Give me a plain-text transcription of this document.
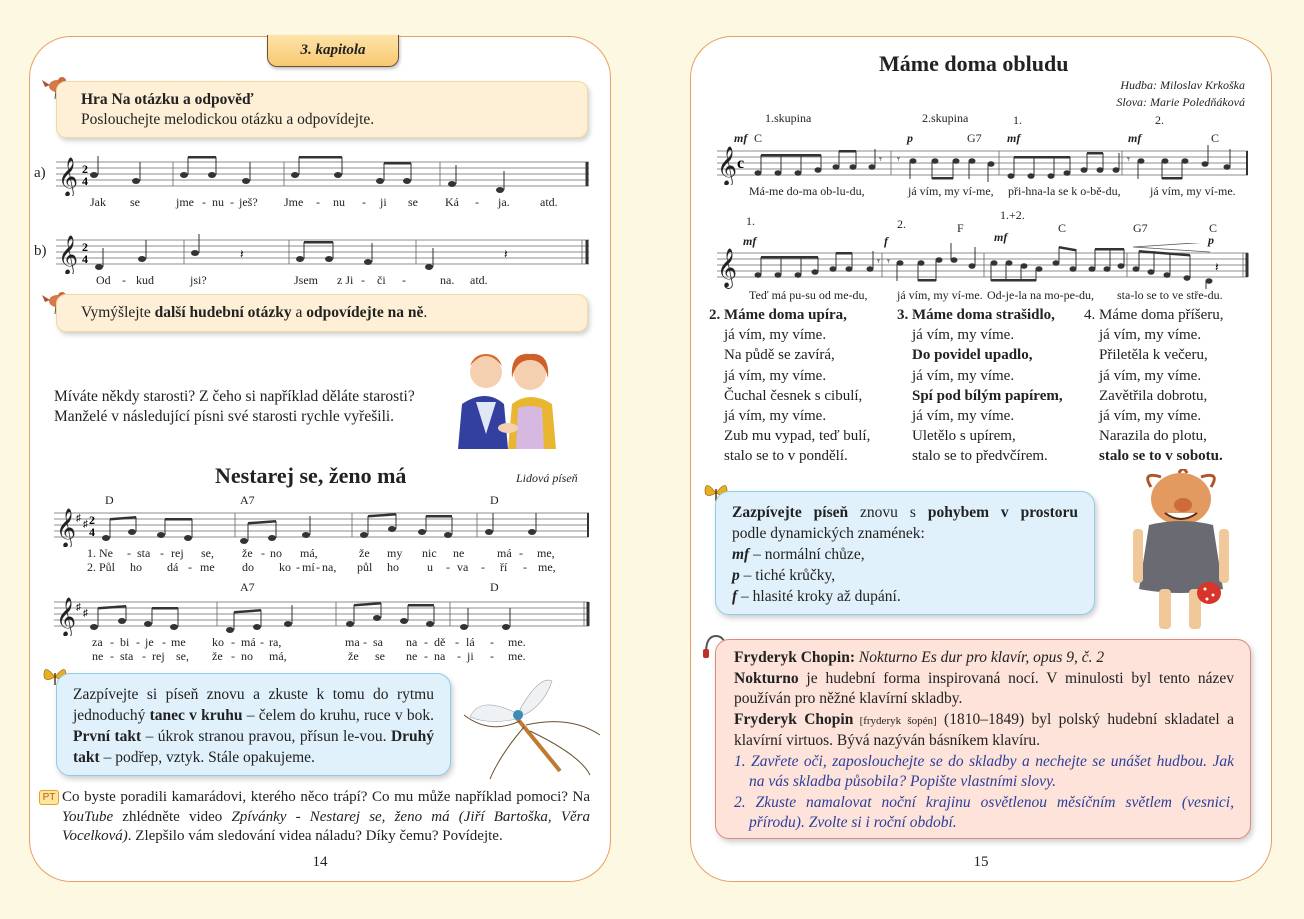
3. kapitola
Hra Na otázku a odpověď
Poslouchejte melodickou otázku a odpovídejte.
a) 𝄞 2
4
Jak se	jme - nu - ješ? Jme - nu - ji se Ká - ja.	atd.
b) 𝄞 2
4	𝄽	𝄽
Od - kud	jsi?	Jsem z Ji - či -	na. atd.
Vymýšlejte další hudební otázky a odpovídejte na ně.
Míváte někdy starosti? Z čeho si například děláte starosti?
Manželé v následující písni své starosti rychle vyřešili.
Nestarej se, ženo má	Lidová píseň
D	A7	D
𝄞 ♯
♯ 2
4
1. Ne - sta - rej se, že - no má,	že my nic ne	má - me,
2. Půl ho dá - me do ko - mí - na, půl ho u - va - ří - me,
A7	D
𝄞 ♯
♯
za - bi - je - me ko - má - ra,	ma - sa na - dě - lá - me.
ne - sta - rej se, že - no má,	že se ne - na - ji - me.
Zazpívejte si píseň znovu a zkuste k tomu do rytmu jednoduchý tanec v kruhu – čelem do kruhu, ruce v bok. První takt – úkrok stranou pravou, přísun le-vou. Druhý takt – podřep, vztyk. Stále opakujeme.
PT Co byste poradili kamarádovi, kterého něco trápí? Co mu může například pomoci? Na YouTube zhlédněte video Zpívánky - Nestarej se, ženo má (Jiří Bartoška, Věra Vocelková). Zlepšilo vám sledování videa náladu? Díky čemu? Povídejte.
14
Máme doma obludu
Hudba: Miloslav Krkoška
Slova: Marie Poledňáková
1.skupina	2.skupina	1.	2.
mf	p	mf	mf
C	G7	C
𝄞 c	𝄾 𝄾	𝄾
Má-me do-ma ob-lu-du,	já vím, my ví-me, při-hna-la se k o-bě-du, já vím, my ví-me.
1.	2.
1.+2.
mf	f	mf	p
F	C	G7	C
𝄞	𝄾 𝄾	𝄽
Teď má pu-su od me-du, já vím, my ví-me. Od-je-la na mo-pe-du, sta-lo se to ve stře-du.
2. Máme doma upíra,
já vím, my víme.
Na půdě se zavírá,
já vím, my víme.
Čuchal česnek s cibulí,
já vím, my víme.
Zub mu vypad, teď bulí,
stalo se to v pondělí.
3. Máme doma strašidlo,
já vím, my víme.
Do povidel upadlo,
já vím, my víme.
Spí pod bílým papírem,
já vím, my víme.
Uletělo s upírem,
stalo se to předvčírem.
4. Máme doma příšeru,
já vím, my víme.
Přiletěla k večeru,
já vím, my víme.
Zavětřila dobrotu,
já vím, my víme.
Narazila do plotu,
stalo se to v sobotu.
Zazpívejte píseň znovu s pohybem v prostoru
podle dynamických znamének:
mf – normální chůze,
p – tiché krůčky,
f – hlasité kroky až dupání.
Fryderyk Chopin: Nokturno Es dur pro klavír, opus 9, č. 2
Nokturno je hudební forma inspirovaná nocí. V minulosti byl tento název používán pro něžné klavírní skladby.
Fryderyk Chopin [fryderyk šopén] (1810–1849) byl polský hudební skladatel a klavírní virtuos. Bývá nazýván básníkem klavíru.
1. Zavřete oči, zaposlouchejte se do skladby a nechejte se unášet hudbou. Jak na vás skladba působila? Popište vlastními slovy.
2. Zkuste namalovat noční krajinu osvětlenou měsíčním světlem (vesnici, přírodu). Zvolte si i roční období.
15
